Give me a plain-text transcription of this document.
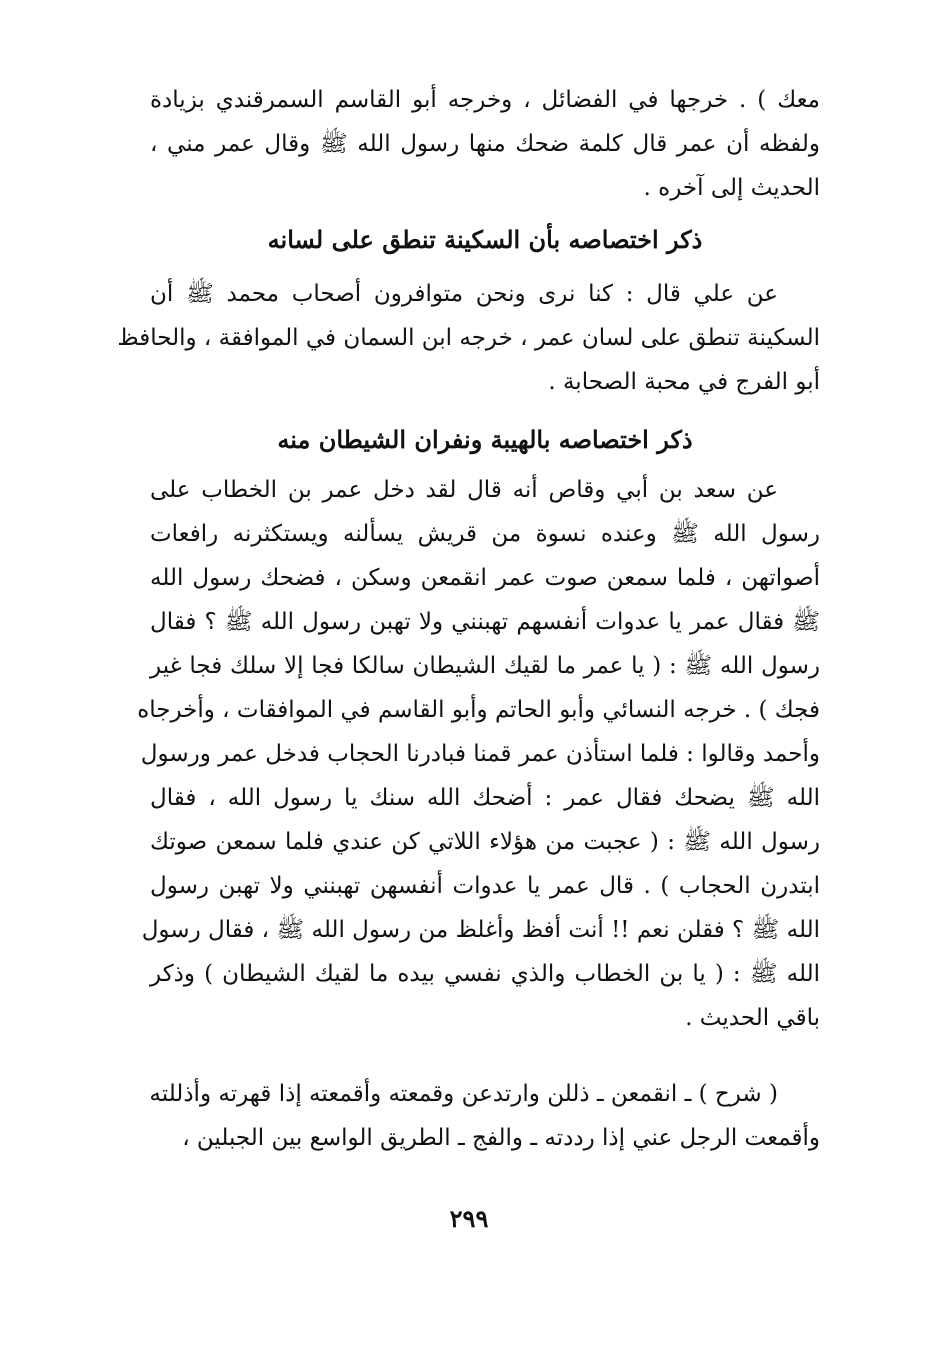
معك ) . خرجها في الفضائل ، وخرجه أبو القاسم السمرقندي بزيادة
ولفظه أن عمر قال كلمة ضحك منها رسول الله ﷺ وقال عمر مني ،
الحديث إلى آخره .
ذكر اختصاصه بأن السكينة تنطق على لسانه
عن علي قال : كنا نرى ونحن متوافرون أصحاب محمد ﷺ أن
السكينة تنطق على لسان عمر ، خرجه ابن السمان في الموافقة ، والحافظ
أبو الفرج في محبة الصحابة .
ذكر اختصاصه بالهيبة ونفران الشيطان منه
عن سعد بن أبي وقاص أنه قال لقد دخل عمر بن الخطاب على
رسول الله ﷺ وعنده نسوة من قريش يسألنه ويستكثرنه رافعات
أصواتهن ، فلما سمعن صوت عمر انقمعن وسكن ، فضحك رسول الله
ﷺ فقال عمر يا عدوات أنفسهم تهبنني ولا تهبن رسول الله ﷺ ؟ فقال
رسول الله ﷺ : ( يا عمر ما لقيك الشيطان سالكا فجا إلا سلك فجا غير
فجك ) . خرجه النسائي وأبو الحاتم وأبو القاسم في الموافقات ، وأخرجاه
وأحمد وقالوا : فلما استأذن عمر قمنا فبادرنا الحجاب فدخل عمر ورسول
الله ﷺ يضحك فقال عمر : أضحك الله سنك يا رسول الله ، فقال
رسول الله ﷺ : ( عجبت من هؤلاء اللاتي كن عندي فلما سمعن صوتك
ابتدرن الحجاب ) . قال عمر يا عدوات أنفسهن تهبنني ولا تهبن رسول
الله ﷺ ؟ فقلن نعم !! أنت أفظ وأغلظ من رسول الله ﷺ ، فقال رسول
الله ﷺ : ( يا بن الخطاب والذي نفسي بيده ما لقيك الشيطان ) وذكر
باقي الحديث .
( شرح ) ـ انقمعن ـ ذللن وارتدعن وقمعته وأقمعته إذا قهرته وأذللته
وأقمعت الرجل عني إذا رددته ـ والفج ـ الطريق الواسع بين الجبلين ،
٢٩٩
